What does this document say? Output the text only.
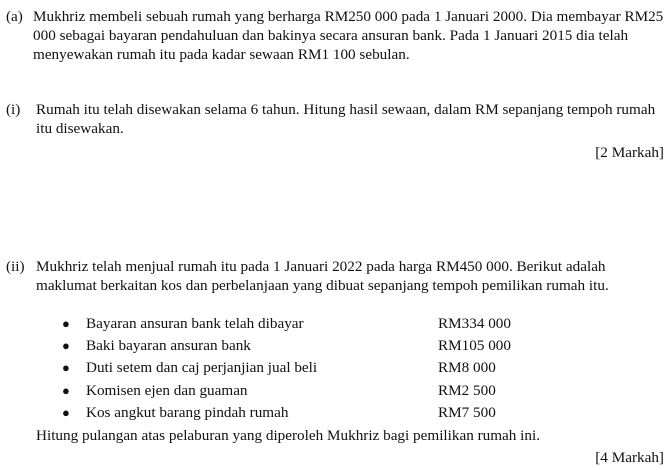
(a) Mukhriz membeli sebuah rumah yang berharga RM250 000 pada 1 Januari 2000. Dia membayar RM25 000 sebagai bayaran pendahuluan dan bakinya secara ansuran bank. Pada 1 Januari 2015 dia telah menyewakan rumah itu pada kadar sewaan RM1 100 sebulan.
(i) Rumah itu telah disewakan selama 6 tahun. Hitung hasil sewaan, dalam RM sepanjang tempoh rumah itu disewakan.
[2 Markah]
(ii) Mukhriz telah menjual rumah itu pada 1 Januari 2022 pada harga RM450 000. Berikut adalah maklumat berkaitan kos dan perbelanjaan yang dibuat sepanjang tempoh pemilikan rumah itu.
● Bayaran ansuran bank telah dibayar	RM334 000
● Baki bayaran ansuran bank	RM105 000
● Duti setem dan caj perjanjian jual beli	RM8 000
● Komisen ejen dan guaman	RM2 500
● Kos angkut barang pindah rumah	RM7 500
Hitung pulangan atas pelaburan yang diperoleh Mukhriz bagi pemilikan rumah ini.
[4 Markah]
